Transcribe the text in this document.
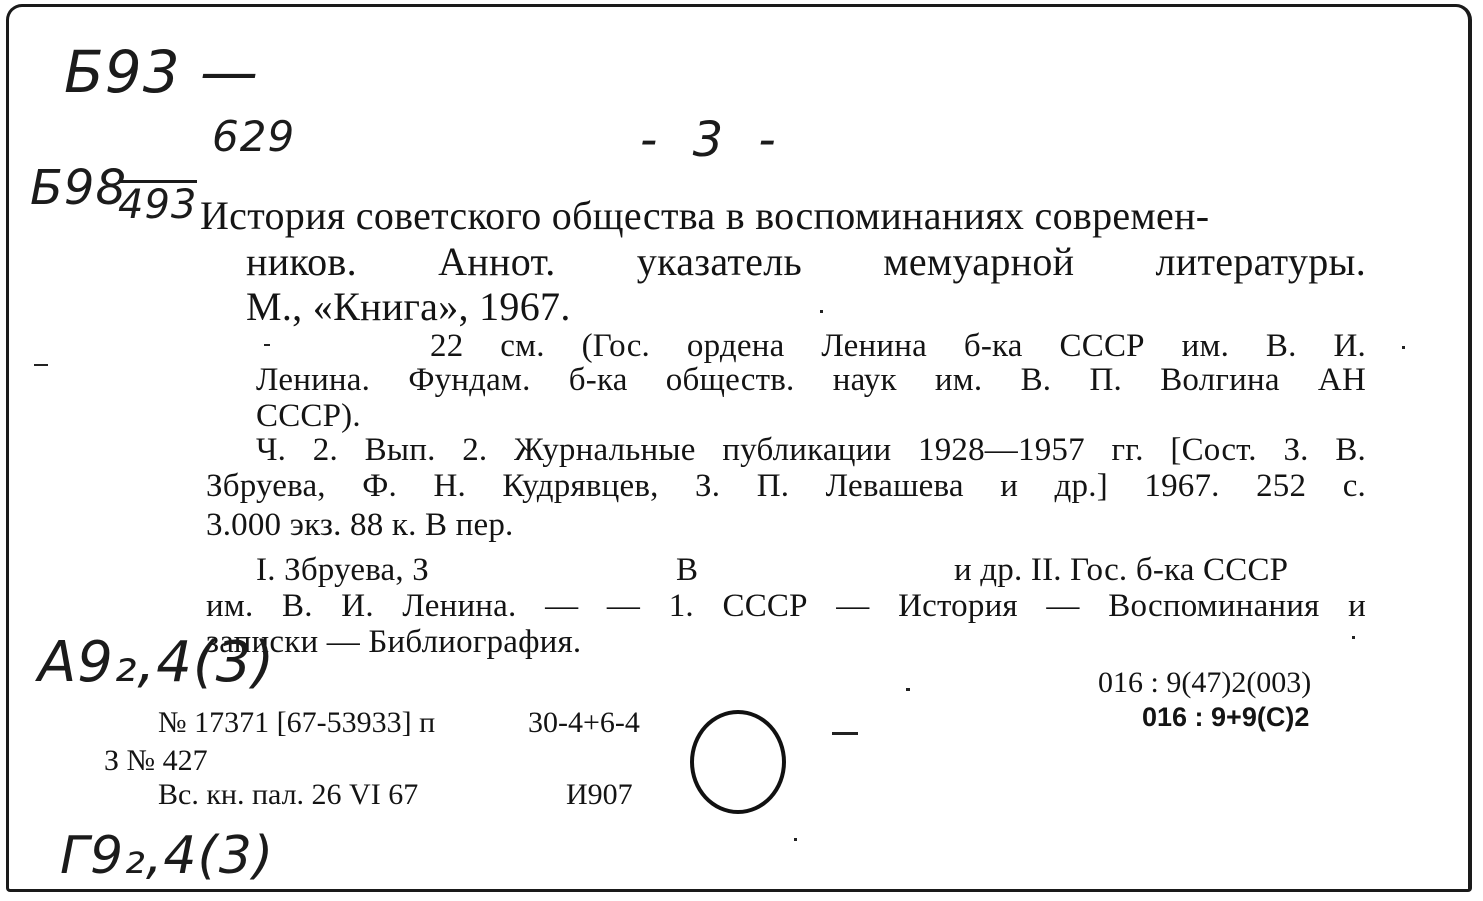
Б93 —
629	- 3 -
Б98
493 История советского общества в воспоминаниях современ-
ников. Аннот. указатель мемуарной литературы.
М., «Книга», 1967.
22 см. (Гос. ордена Ленина б-ка СССР им. В. И.
Ленина. Фундам. б-ка обществ. наук им. В. П. Волгина АН
СССР).
Ч. 2. Вып. 2. Журнальные публикации 1928—1957 гг. [Сост. З. В.
Збруева, Ф. Н. Кудрявцев, З. П. Левашева и др.] 1967. 252 с.
3.000 экз. 88 к. В пер.
I. Збруева, З	В	и др. II. Гос. б-ка СССР
им. В. И. Ленина. — — 1. СССР — История — Воспоминания и
записки — Библиография.
А9₂,4(3)	016 : 9(47)2(003)
016 : 9+9(С)2
№ 17371 [67-53933] п	30-4+6-4
З № 427
Вс. кн. пал. 26 VI 67	И907
Г9₂,4(3)
